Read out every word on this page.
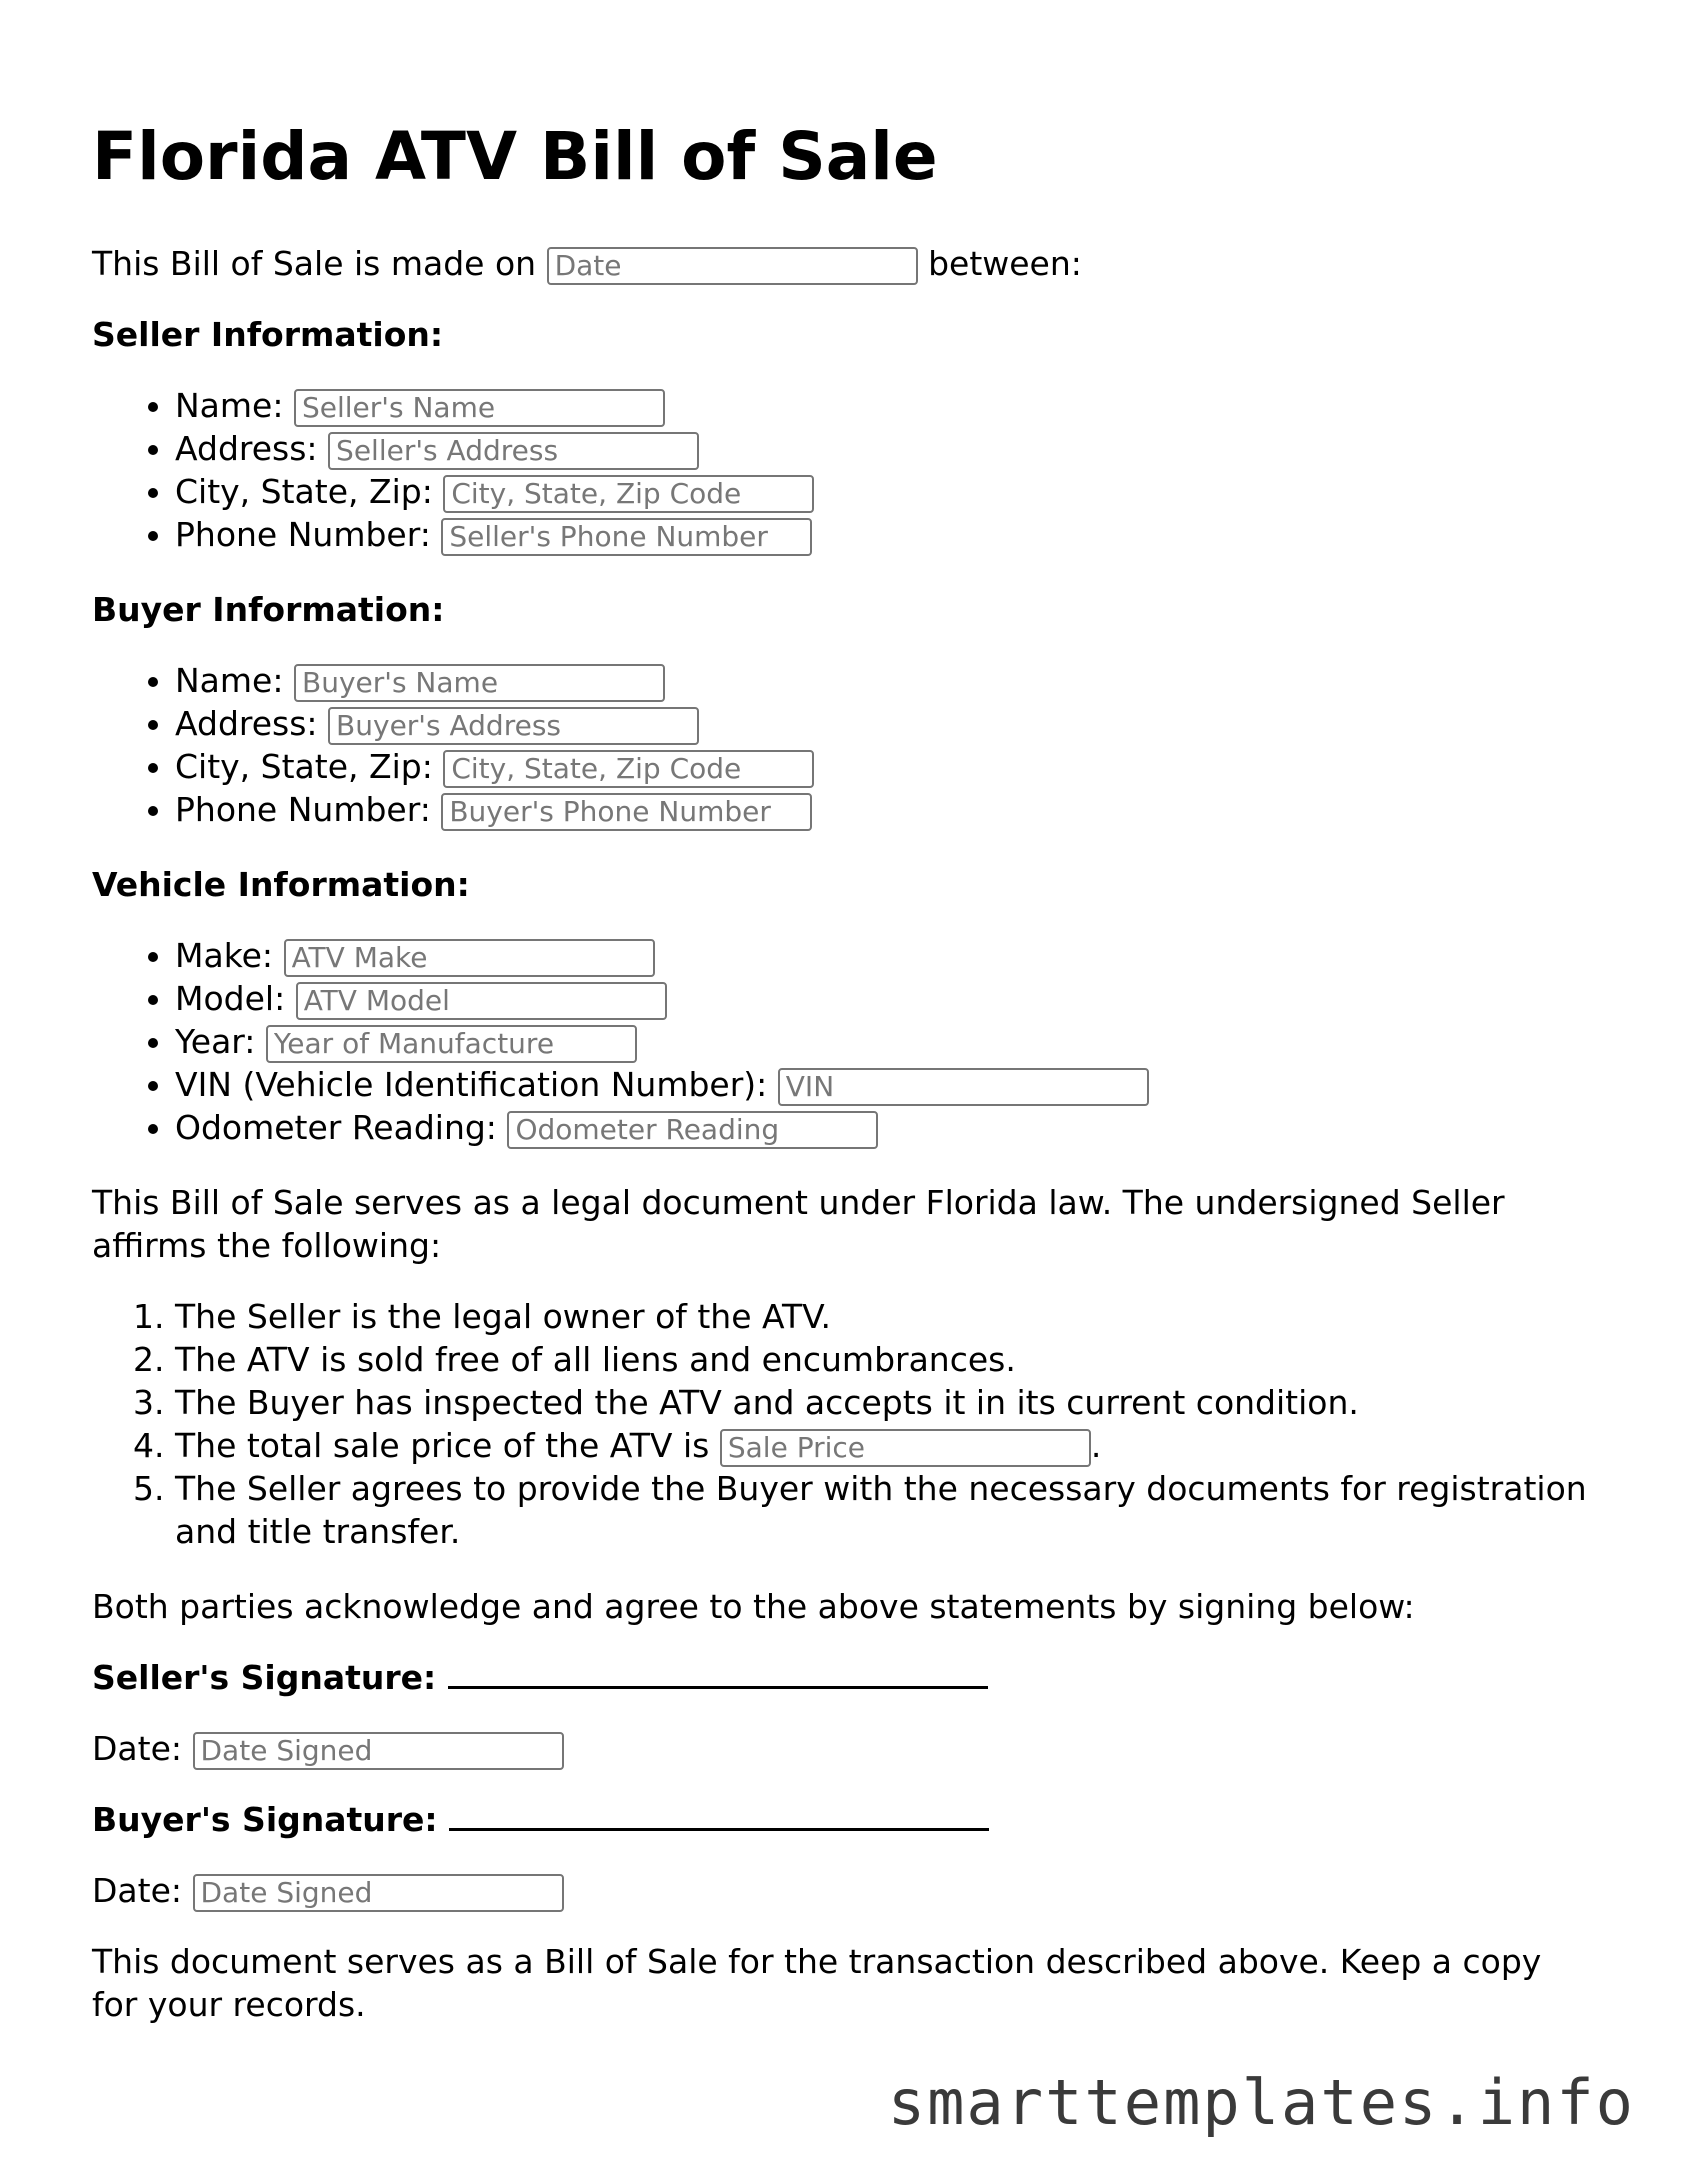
Florida ATV Bill of Sale

This Bill of Sale is made on Date	between:

Seller Information:
• Name: Seller's Name
• Address: Seller's Address
• City, State, Zip: City, State, Zip Code
• Phone Number: Seller's Phone Number
Buyer Information:
• Name: Buyer's Name
• Address: Buyer's Address
• City, State, Zip: City, State, Zip Code
• Phone Number: Buyer's Phone Number
Vehicle Information:
• Make: ATV Make
• Model: ATV Model
• Year: Year of Manufacture
• VIN (Vehicle Identification Number): VIN
• Odometer Reading: Odometer Reading

This Bill of Sale serves as a legal document under Florida law. The undersigned Seller affirms the following:

1. The Seller is the legal owner of the ATV.
2. The ATV is sold free of all liens and encumbrances.
3. The Buyer has inspected the ATV and accepts it in its current condition.
4. The total sale price of the ATV is Sale Price	.
5. The Seller agrees to provide the Buyer with the necessary documents for registration and title transfer.

Both parties acknowledge and agree to the above statements by signing below:

Seller's Signature:

Date: Date Signed

Buyer's Signature:

Date: Date Signed

This document serves as a Bill of Sale for the transaction described above. Keep a copy for your records.

smarttemplates.info
